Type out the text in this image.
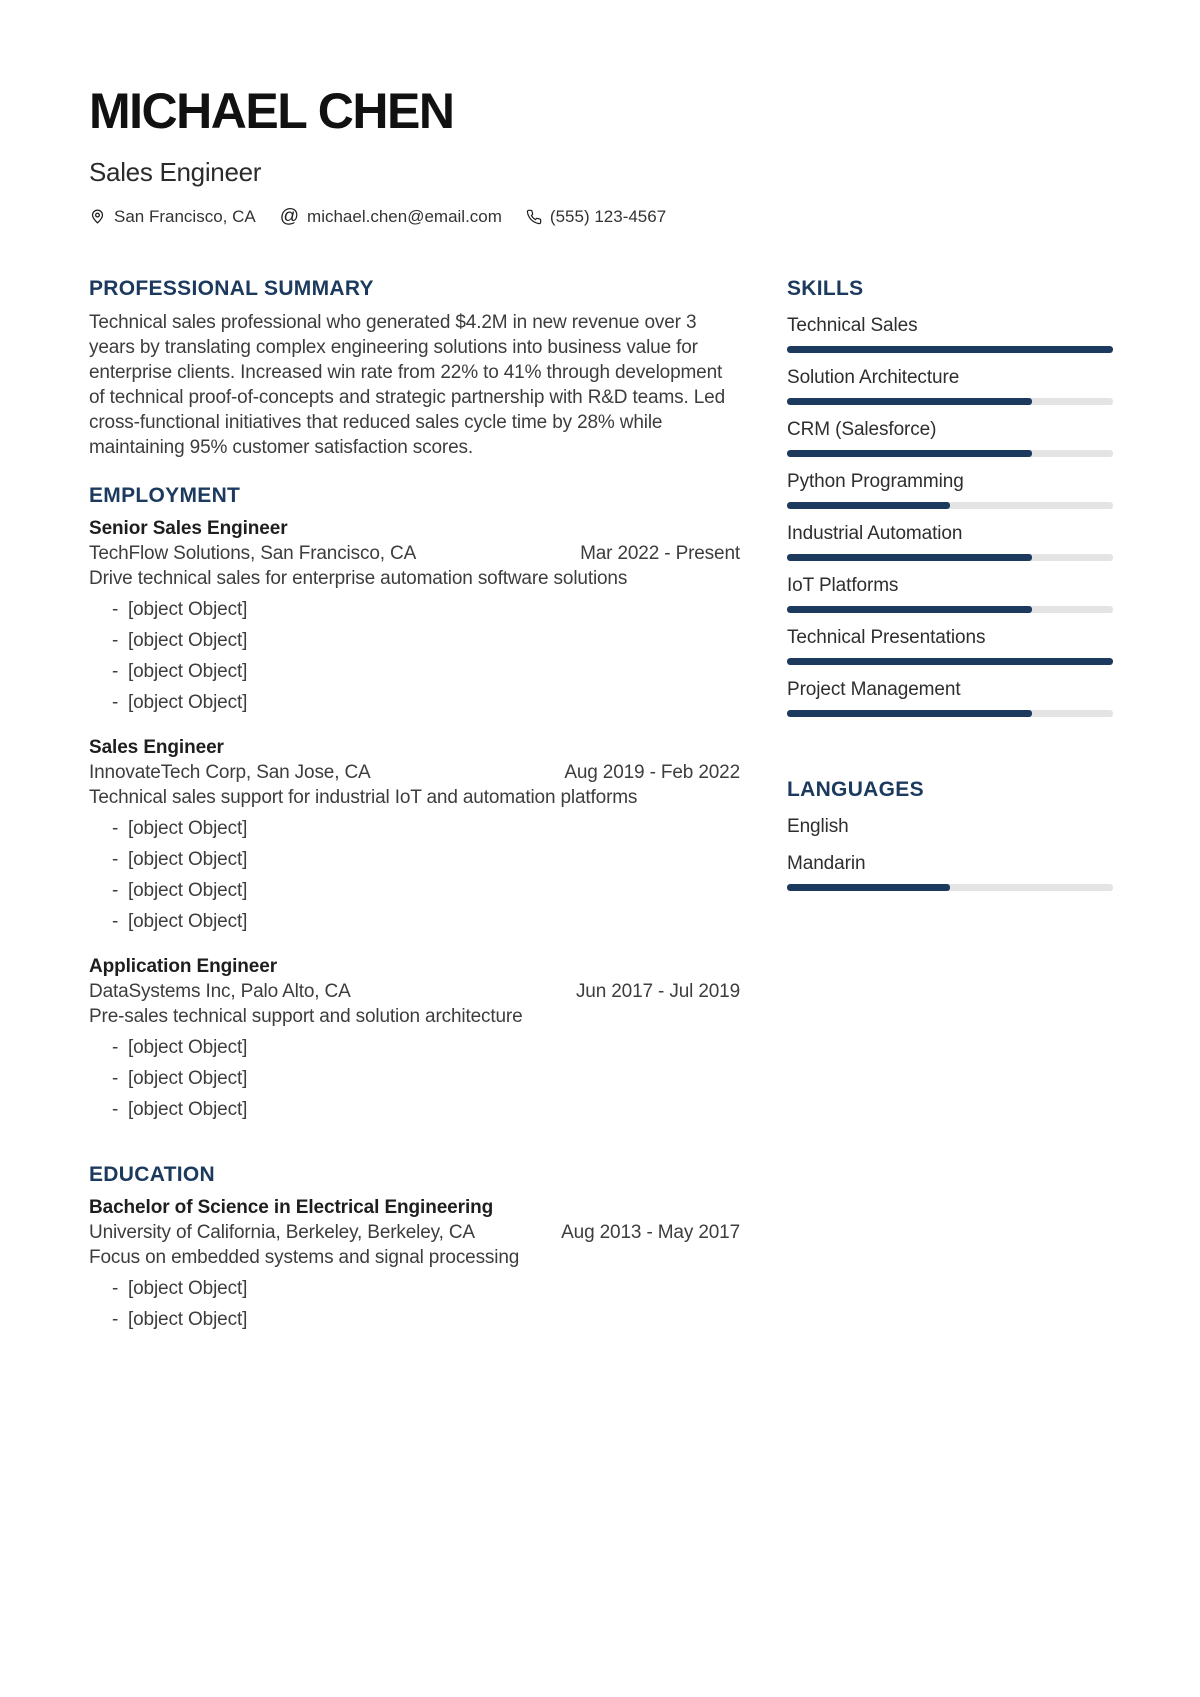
MICHAEL CHEN
Sales Engineer
San Francisco, CA @ michael.chen@email.com	(555) 123-4567
PROFESSIONAL SUMMARY
Technical sales professional who generated $4.2M in new revenue over 3 years by translating complex engineering solutions into business value for enterprise clients. Increased win rate from 22% to 41% through development of technical proof-of-concepts and strategic partnership with R&D teams. Led cross-functional initiatives that reduced sales cycle time by 28% while maintaining 95% customer satisfaction scores.
EMPLOYMENT
Senior Sales Engineer
TechFlow Solutions, San Francisco, CA	Mar 2022 - Present
Drive technical sales for enterprise automation software solutions
- [object Object]
- [object Object]
- [object Object]
- [object Object]
Sales Engineer
InnovateTech Corp, San Jose, CA	Aug 2019 - Feb 2022
Technical sales support for industrial IoT and automation platforms
- [object Object]
- [object Object]
- [object Object]
- [object Object]
Application Engineer
DataSystems Inc, Palo Alto, CA	Jun 2017 - Jul 2019
Pre-sales technical support and solution architecture
- [object Object]
- [object Object]
- [object Object]
EDUCATION
Bachelor of Science in Electrical Engineering
University of California, Berkeley, Berkeley, CA	Aug 2013 - May 2017
Focus on embedded systems and signal processing
- [object Object]
- [object Object]
SKILLS
Technical Sales
Solution Architecture
CRM (Salesforce)
Python Programming
Industrial Automation
IoT Platforms
Technical Presentations
Project Management
LANGUAGES
English
Mandarin
